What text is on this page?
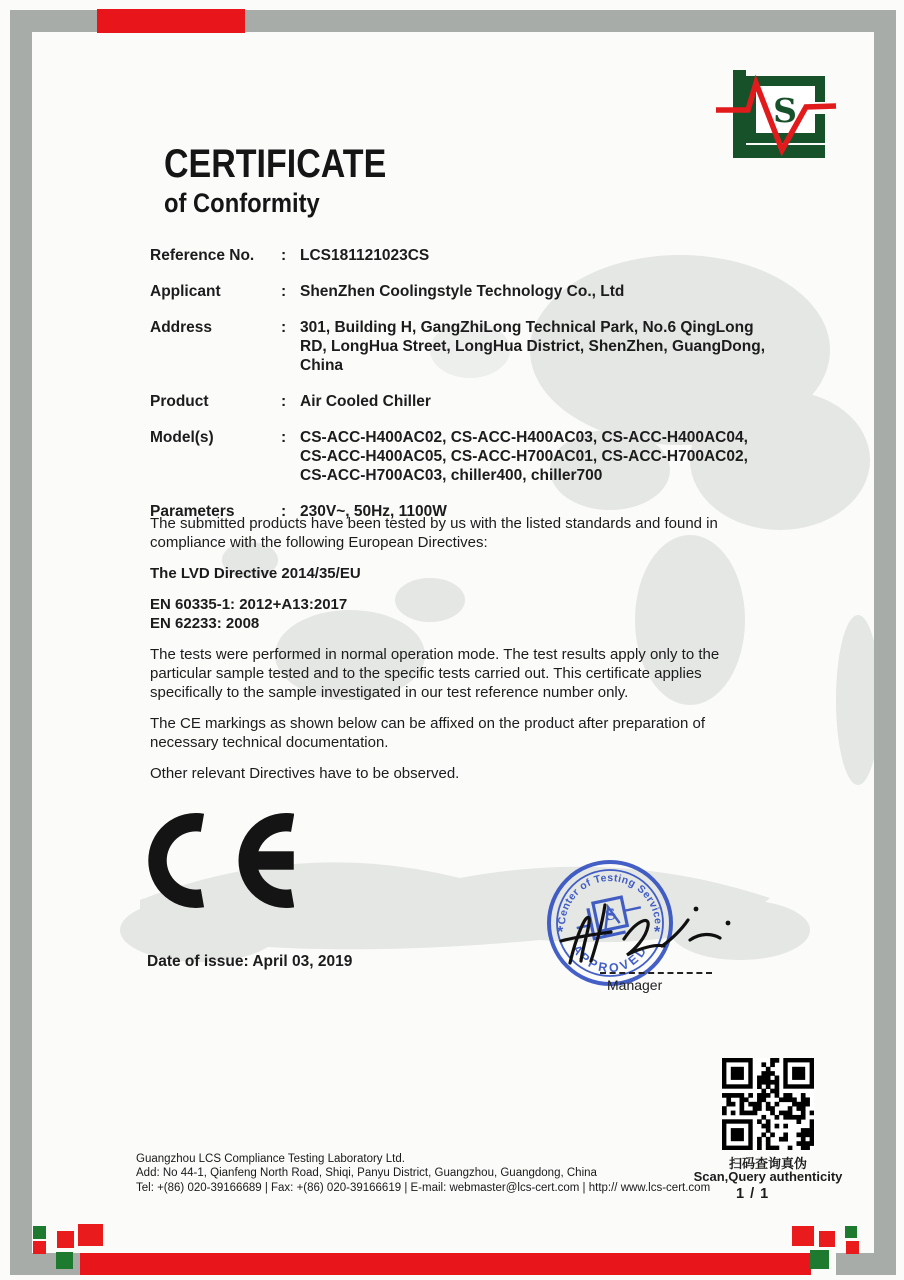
S
CERTIFICATE
of Conformity
Reference No.	: LCS181121023CS
Applicant	: ShenZhen Coolingstyle Technology Co., Ltd
Address	: 301, Building H, GangZhiLong Technical Park, No.6 QingLong RD, LongHua Street, LongHua District, ShenZhen, GuangDong, China
Product	: Air Cooled Chiller
Model(s)	: CS-ACC-H400AC02, CS-ACC-H400AC03, CS-ACC-H400AC04, CS-ACC-H400AC05, CS-ACC-H700AC01, CS-ACC-H700AC02, CS-ACC-H700AC03, chiller400, chiller700
Parameters	: 230V~, 50Hz, 1100W

The submitted products have been tested by us with the listed standards and found in compliance with the following European Directives:

The LVD Directive 2014/35/EU

EN 60335-1: 2012+A13:2017

EN 62233: 2008

The tests were performed in normal operation mode. The test results apply only to the particular sample tested and to the specific tests carried out. This certificate applies specifically to the sample investigated in our test reference number only.

The CE markings as shown below can be affixed on the product after preparation of necessary technical documentation.

Other relevant Directives have to be observed.

Date of issue: April 03, 2019
Center of Testing Service
APPROVED
*	*
S
Manager
扫码查询真伪
Scan,Query authenticity
1 / 1
Guangzhou LCS Compliance Testing Laboratory Ltd.
Add: No 44-1, Qianfeng North Road, Shiqi, Panyu District, Guangzhou, Guangdong, China
Tel: +(86) 020-39166689 | Fax: +(86) 020-39166619 | E-mail: webmaster@lcs-cert.com | http:// www.lcs-cert.com
